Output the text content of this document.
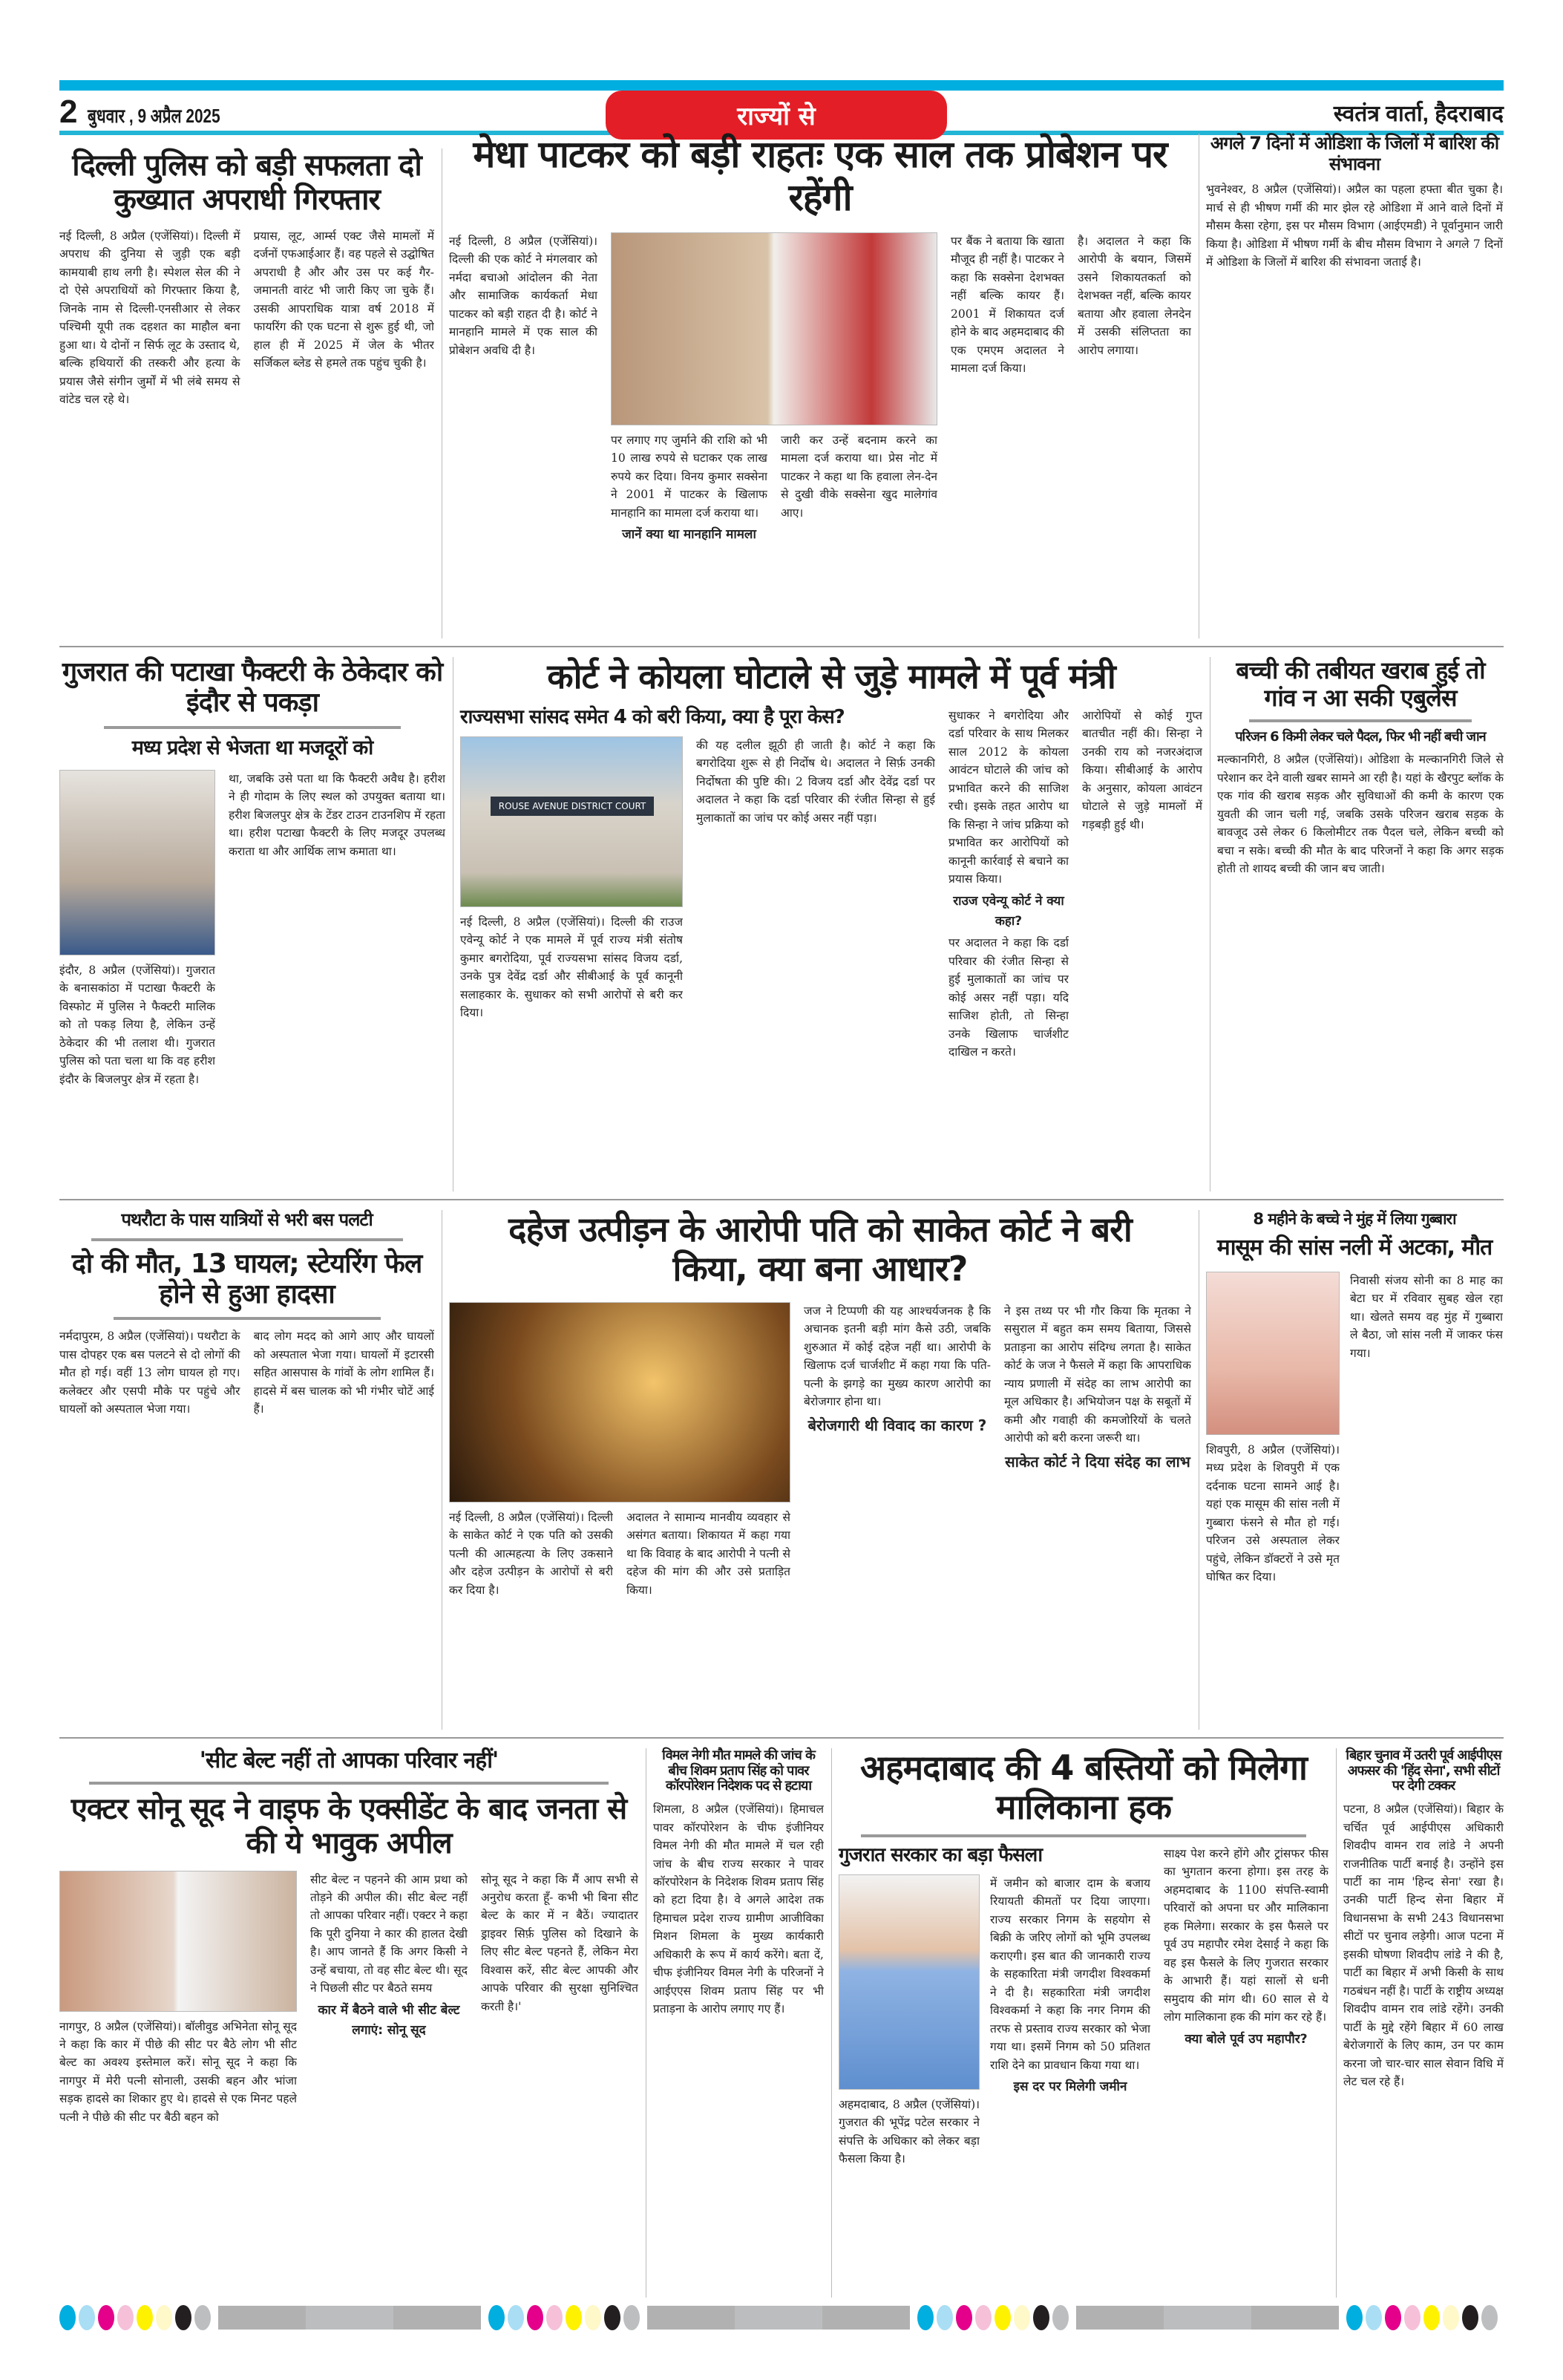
2 बुधवार , 9 अप्रैल 2025	राज्यों से	स्वतंत्र वार्ता, हैदराबाद
दिल्ली पुलिस को बड़ी सफलता दो कुख्यात अपराधी गिरफ्तार
नई दिल्ली, 8 अप्रैल (एजेंसियां)। दिल्ली में अपराध की दुनिया से जुड़ी एक बड़ी कामयाबी हाथ लगी है। स्पेशल सेल की ने दो ऐसे अपराधियों को गिरफ्तार किया है, जिनके नाम से दिल्ली-एनसीआर से लेकर पश्चिमी यूपी तक दहशत का माहौल बना हुआ था। ये दोनों न सिर्फ लूट के उस्ताद थे, बल्कि हथियारों की तस्करी और हत्या के प्रयास जैसे संगीन जुर्मों में भी लंबे समय से वांटेड चल रहे थे।
प्रयास, लूट, आर्म्स एक्ट जैसे मामलों में दर्जनों एफआईआर हैं। वह पहले से उद्घोषित अपराधी है और और उस पर कई गैर-जमानती वारंट भी जारी किए जा चुके हैं। उसकी आपराधिक यात्रा वर्ष 2018 में फायरिंग की एक घटना से शुरू हुई थी, जो हाल ही में 2025 में जेल के भीतर सर्जिकल ब्लेड से हमले तक पहुंच चुकी है।
मेधा पाटकर को बड़ी राहतः एक साल तक प्रोबेशन पर रहेंगी
नई दिल्ली, 8 अप्रैल (एजेंसियां)। दिल्ली की एक कोर्ट ने मंगलवार को नर्मदा बचाओ आंदोलन की नेता और सामाजिक कार्यकर्ता मेधा पाटकर को बड़ी राहत दी है। कोर्ट ने मानहानि मामले में एक साल की प्रोबेशन अवधि दी है।
पर लगाए गए जुर्माने की राशि को भी 10 लाख रुपये से घटाकर एक लाख रुपये कर दिया। विनय कुमार सक्सेना ने 2001 में पाटकर के खिलाफ मानहानि का मामला दर्ज कराया था।
जानें क्या था मानहानि मामला
जारी कर उन्हें बदनाम करने का मामला दर्ज कराया था। प्रेस नोट में पाटकर ने कहा था कि हवाला लेन-देन से दुखी वीके सक्सेना खुद मालेगांव आए।
पर बैंक ने बताया कि खाता मौजूद ही नहीं है। पाटकर ने कहा कि सक्सेना देशभक्त नहीं बल्कि कायर हैं। 2001 में शिकायत दर्ज होने के बाद अहमदाबाद की एक एमएम अदालत ने मामला दर्ज किया।
है। अदालत ने कहा कि आरोपी के बयान, जिसमें उसने शिकायतकर्ता को देशभक्त नहीं, बल्कि कायर बताया और हवाला लेनदेन में उसकी संलिप्तता का आरोप लगाया।
अगले 7 दिनों में ओडिशा के जिलों में बारिश की संभावना
भुवनेश्वर, 8 अप्रैल (एजेंसियां)। अप्रैल का पहला हफ्ता बीत चुका है। मार्च से ही भीषण गर्मी की मार झेल रहे ओडिशा में आने वाले दिनों में मौसम कैसा रहेगा, इस पर मौसम विभाग (आईएमडी) ने पूर्वानुमान जारी किया है। ओडिशा में भीषण गर्मी के बीच मौसम विभाग ने अगले 7 दिनों में ओडिशा के जिलों में बारिश की संभावना जताई है।
गुजरात की पटाखा फैक्टरी के ठेकेदार को इंदौर से पकड़ा
मध्य प्रदेश से भेजता था मजदूरों को
इंदौर, 8 अप्रैल (एजेंसियां)। गुजरात के बनासकांठा में पटाखा फैक्टरी के विस्फोट में पुलिस ने फैक्टरी मालिक को तो पकड़ लिया है, लेकिन उन्हें ठेकेदार की भी तलाश थी। गुजरात पुलिस को पता चला था कि वह हरीश इंदौर के बिजलपुर क्षेत्र में रहता है।
था, जबकि उसे पता था कि फैक्टरी अवैध है। हरीश ने ही गोदाम के लिए स्थल को उपयुक्त बताया था। हरीश बिजलपुर क्षेत्र के टेंडर टाउन टाउनशिप में रहता था। हरीश पटाखा फैक्टरी के लिए मजदूर उपलब्ध कराता था और आर्थिक लाभ कमाता था।
कोर्ट ने कोयला घोटाले से जुड़े मामले में पूर्व मंत्री
राज्यसभा सांसद समेत 4 को बरी किया, क्या है पूरा केस?
ROUSE AVENUE DISTRICT COURT
नई दिल्ली, 8 अप्रैल (एजेंसियां)। दिल्ली की राउज एवेन्यू कोर्ट ने एक मामले में पूर्व राज्य मंत्री संतोष कुमार बगरोदिया, पूर्व राज्यसभा सांसद विजय दर्डा, उनके पुत्र देवेंद्र दर्डा और सीबीआई के पूर्व कानूनी सलाहकार के. सुधाकर को सभी आरोपों से बरी कर दिया।
की यह दलील झूठी ही जाती है। कोर्ट ने कहा कि बगरोदिया शुरू से ही निर्दोष थे। अदालत ने सिर्फ़ उनकी निर्दोषता की पुष्टि की। 2 विजय दर्डा और देवेंद्र दर्डा पर अदालत ने कहा कि दर्डा परिवार की रंजीत सिन्हा से हुई मुलाकातों का जांच पर कोई असर नहीं पड़ा।
सुधाकर ने बगरोदिया और दर्डा परिवार के साथ मिलकर साल 2012 के कोयला आवंटन घोटाले की जांच को प्रभावित करने की साजिश रची। इसके तहत आरोप था कि सिन्हा ने जांच प्रक्रिया को प्रभावित कर आरोपियों को कानूनी कार्रवाई से बचाने का प्रयास किया।
राउज एवेन्यू कोर्ट ने क्या कहा?
पर अदालत ने कहा कि दर्डा परिवार की रंजीत सिन्हा से हुई मुलाकातों का जांच पर कोई असर नहीं पड़ा। यदि साजिश होती, तो सिन्हा उनके खिलाफ चार्जशीट दाखिल न करते।
आरोपियों से कोई गुप्त बातचीत नहीं की। सिन्हा ने उनकी राय को नजरअंदाज किया। सीबीआई के आरोप के अनुसार, कोयला आवंटन घोटाले से जुड़े मामलों में गड़बड़ी हुई थी।
बच्ची की तबीयत खराब हुई तो गांव न आ सकी एबुलेंस
परिजन 6 किमी लेकर चले पैदल, फिर भी नहीं बची जान
मल्कानगिरी, 8 अप्रैल (एजेंसियां)। ओडिशा के मल्कानगिरी जिले से परेशान कर देने वाली खबर सामने आ रही है। यहां के खैरपुट ब्लॉक के एक गांव की खराब सड़क और सुविधाओं की कमी के कारण एक युवती की जान चली गई, जबकि उसके परिजन खराब सड़क के बावजूद उसे लेकर 6 किलोमीटर तक पैदल चले, लेकिन बच्ची को बचा न सके। बच्ची की मौत के बाद परिजनों ने कहा कि अगर सड़क होती तो शायद बच्ची की जान बच जाती।
पथरौटा के पास यात्रियों से भरी बस पलटी
दो की मौत, 13 घायल; स्टेयरिंग फेल होने से हुआ हादसा
नर्मदापुरम, 8 अप्रैल (एजेंसियां)। पथरौटा के पास दोपहर एक बस पलटने से दो लोगों की मौत हो गई। वहीं 13 लोग घायल हो गए। कलेक्टर और एसपी मौके पर पहुंचे और घायलों को अस्पताल भेजा गया।
बाद लोग मदद को आगे आए और घायलों को अस्पताल भेजा गया। घायलों में इटारसी सहित आसपास के गांवों के लोग शामिल हैं। हादसे में बस चालक को भी गंभीर चोटें आई हैं।
दहेज उत्पीड़न के आरोपी पति को साकेत कोर्ट ने बरी किया, क्या बना आधार?
नई दिल्ली, 8 अप्रैल (एजेंसियां)। दिल्ली के साकेत कोर्ट ने एक पति को उसकी पत्नी की आत्महत्या के लिए उकसाने और दहेज उत्पीड़न के आरोपों से बरी कर दिया है।
अदालत ने सामान्य मानवीय व्यवहार से असंगत बताया। शिकायत में कहा गया था कि विवाह के बाद आरोपी ने पत्नी से दहेज की मांग की और उसे प्रताड़ित किया।
जज ने टिप्पणी की यह आश्चर्यजनक है कि अचानक इतनी बड़ी मांग कैसे उठी, जबकि शुरुआत में कोई दहेज नहीं था। आरोपी के खिलाफ दर्ज चार्जशीट में कहा गया कि पति-पत्नी के झगड़े का मुख्य कारण आरोपी का बेरोजगार होना था।
बेरोजगारी थी विवाद का कारण ?
ने इस तथ्य पर भी गौर किया कि मृतका ने ससुराल में बहुत कम समय बिताया, जिससे प्रताड़ना का आरोप संदिग्ध लगता है। साकेत कोर्ट के जज ने फैसले में कहा कि आपराधिक न्याय प्रणाली में संदेह का लाभ आरोपी का मूल अधिकार है। अभियोजन पक्ष के सबूतों में कमी और गवाही की कमजोरियों के चलते आरोपी को बरी करना जरूरी था।
साकेत कोर्ट ने दिया संदेह का लाभ
8 महीने के बच्चे ने मुंह में लिया गुब्बारा
मासूम की सांस नली में अटका, मौत
शिवपुरी, 8 अप्रैल (एजेंसियां)। मध्य प्रदेश के शिवपुरी में एक दर्दनाक घटना सामने आई है। यहां एक मासूम की सांस नली में गुब्बारा फंसने से मौत हो गई। परिजन उसे अस्पताल लेकर पहुंचे, लेकिन डॉक्टरों ने उसे मृत घोषित कर दिया।
निवासी संजय सोनी का 8 माह का बेटा घर में रविवार सुबह खेल रहा था। खेलते समय वह मुंह में गुब्बारा ले बैठा, जो सांस नली में जाकर फंस गया।
'सीट बेल्ट नहीं तो आपका परिवार नहीं'
एक्टर सोनू सूद ने वाइफ के एक्सीडेंट के बाद जनता से की ये भावुक अपील
नागपुर, 8 अप्रैल (एजेंसियां)। बॉलीवुड अभिनेता सोनू सूद ने कहा कि कार में पीछे की सीट पर बैठे लोग भी सीट बेल्ट का अवश्य इस्तेमाल करें। सोनू सूद ने कहा कि नागपुर में मेरी पत्नी सोनाली, उसकी बहन और भांजा सड़क हादसे का शिकार हुए थे। हादसे से एक मिनट पहले पत्नी ने पीछे की सीट पर बैठी बहन को
सीट बेल्ट न पहनने की आम प्रथा को तोड़ने की अपील की। सीट बेल्ट नहीं तो आपका परिवार नहीं। एक्टर ने कहा कि पूरी दुनिया ने कार की हालत देखी है। आप जानते हैं कि अगर किसी ने उन्हें बचाया, तो वह सीट बेल्ट थी। सूद ने पिछली सीट पर बैठते समय
कार में बैठने वाले भी सीट बेल्ट लगाएं: सोनू सूद
सोनू सूद ने कहा कि मैं आप सभी से अनुरोध करता हूँ- कभी भी बिना सीट बेल्ट के कार में न बैठें। ज्यादातर ड्राइवर सिर्फ़ पुलिस को दिखाने के लिए सीट बेल्ट पहनते हैं, लेकिन मेरा विश्वास करें, सीट बेल्ट आपकी और आपके परिवार की सुरक्षा सुनिश्चित करती है।'
विमल नेगी मौत मामले की जांच के बीच शिवम प्रताप सिंह को पावर कॉरपोरेशन निदेशक पद से हटाया
शिमला, 8 अप्रैल (एजेंसियां)। हिमाचल पावर कॉरपोरेशन के चीफ इंजीनियर विमल नेगी की मौत मामले में चल रही जांच के बीच राज्य सरकार ने पावर कॉरपोरेशन के निदेशक शिवम प्रताप सिंह को हटा दिया है। वे अगले आदेश तक हिमाचल प्रदेश राज्य ग्रामीण आजीविका मिशन शिमला के मुख्य कार्यकारी अधिकारी के रूप में कार्य करेंगे। बता दें, चीफ इंजीनियर विमल नेगी के परिजनों ने आईएएस शिवम प्रताप सिंह पर भी प्रताड़ना के आरोप लगाए गए हैं।
अहमदाबाद की 4 बस्तियों को मिलेगा मालिकाना हक
गुजरात सरकार का बड़ा फैसला
अहमदाबाद, 8 अप्रैल (एजेंसियां)। गुजरात की भूपेंद्र पटेल सरकार ने संपत्ति के अधिकार को लेकर बड़ा फैसला किया है।
में जमीन को बाजार दाम के बजाय रियायती कीमतों पर दिया जाएगा। राज्य सरकार निगम के सहयोग से बिक्री के जरिए लोगों को भूमि उपलब्ध कराएगी। इस बात की जानकारी राज्य के सहकारिता मंत्री जगदीश विश्वकर्मा ने दी है। सहकारिता मंत्री जगदीश विश्वकर्मा ने कहा कि नगर निगम की तरफ से प्रस्ताव राज्य सरकार को भेजा गया था। इसमें निगम को 50 प्रतिशत राशि देने का प्रावधान किया गया था।
इस दर पर मिलेगी जमीन
साक्ष्य पेश करने होंगे और ट्रांसफर फीस का भुगतान करना होगा। इस तरह के अहमदाबाद के 1100 संपत्ति-स्वामी परिवारों को अपना घर और मालिकाना हक मिलेगा। सरकार के इस फैसले पर पूर्व उप महापौर रमेश देसाई ने कहा कि वह इस फैसले के लिए गुजरात सरकार के आभारी हैं। यहां सालों से धनी समुदाय की मांग थी। 60 साल से ये लोग मालिकाना हक की मांग कर रहे हैं।
क्या बोले पूर्व उप महापौर?
बिहार चुनाव में उतरी पूर्व आईपीएस अफसर की 'हिंद सेना', सभी सीटों पर देगी टक्कर
पटना, 8 अप्रैल (एजेंसियां)। बिहार के चर्चित पूर्व आईपीएस अधिकारी शिवदीप वामन राव लांडे ने अपनी राजनीतिक पार्टी बनाई है। उन्होंने इस पार्टी का नाम 'हिन्द सेना' रखा है। उनकी पार्टी हिन्द सेना बिहार में विधानसभा के सभी 243 विधानसभा सीटों पर चुनाव लड़ेगी। आज पटना में इसकी घोषणा शिवदीप लांडे ने की है, पार्टी का बिहार में अभी किसी के साथ गठबंधन नहीं है। पार्टी के राष्ट्रीय अध्यक्ष शिवदीप वामन राव लांडे रहेंगे। उनकी पार्टी के मुद्दे रहेंगे बिहार में 60 लाख बेरोजगारों के लिए काम, उन पर काम करना जो चार-चार साल सेवान विधि में लेट चल रहे हैं।
